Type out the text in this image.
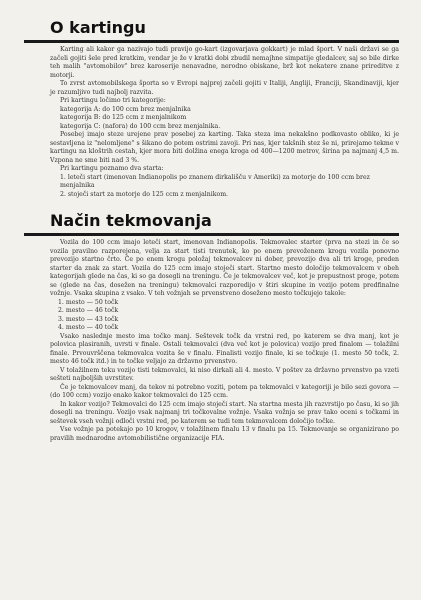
O kartingu

Karting ali kakor ga nazivajo tudi pravijo go-kart (izgovarjava gokkart) je mlad šport. V naši državi se ga začeli gojiti šele pred kratkim, vendar je že v kratki dobi zbudil nemajhne simpatije gledalcev, saj so bile dirke teh malih "avtomobilov" brez karoserije nenavadne, nerodno obiskane, brž kot nekatere znane prireditve z motorji.

To zvrst avtomobilskega športa so v Evropi najprej začeli gojiti v Italiji, Angliji, Franciji, Skandinaviji, kjer je razumljivo tudi najbolj razvita.

Pri kartingu ločimo tri kategorije:

kategorija A: do 100 ccm brez menjalnika
kategorija B: do 125 ccm z menjalnikom
kategorija C: (nafora) do 100 ccm brez menjalnika.

Posebej imajo steze urejene prav posebej za karting. Taka steza ima nekakšno podkovasto obliko, ki je sestavljena iz "nelomljene" s šikano do potem ostrimi zavoji. Pri nas, kjer takšnih stez še ni, prirejamo tekme v kartingu na kloštrih cestah, kjer mora biti dolžina enega kroga od 400—1200 metrov, širina pa najmanj 4,5 m. Vzpona ne sme biti nad 3 %.

Pri kartingu poznamo dva starta:

1. leteči start (imenovan Indianopolis po znanem dirkališču v Ameriki) za motorje do 100 ccm brez menjalnika
2. stoječi start za motorje do 125 ccm z menjalnikom.
Način tekmovanja

Vozila do 100 ccm imajo leteči start, imenovan Indianopolis. Tekmovalec starter (prva na stezi in če so vozila pravilno razporejena, velja za start tisti trenutek, ko po enem prevoženem krogu vozila ponovno prevozijo startno črto. Če po enem krogu položaj tekmovalcev ni dober, prevozijo dva ali tri kroge, preden starter da znak za start. Vozila do 125 ccm imajo stoječi start. Startno mesto določijo tekmovalcem v obeh kategorijah glede na čas, ki so ga dosegli na treningu. Če je tekmovalcev več, kot je prepustnost proge, potem se (glede na čas, dosežen na treningu) tekmovalci razporedijo v štiri skupine in vozijo potem predfinalne vožnje. Vsaka skupina z vsako. V teh vožnjah se prvenstveno doseženo mesto točkujejo takole:

1. mesto — 50 točk
2. mesto — 46 točk
3. mesto — 43 točk
4. mesto — 40 točk

Vsako naslednje mesto ima točko manj. Seštevek točk da vrstni red, po katerem se dva manj, kot je polovica plasiranih, uvrsti v finale. Ostali tekmovalci (dva več kot je polovica) vozijo pred finalom — tolažilni finale. Prvouvrščena tekmovalca vozita še v finalu. Finalisti vozijo finale, ki se točkuje (1. mesto 50 točk, 2. mesto 46 točk itd.) in te točke veljajo za državno prvenstvo.

V tolažilnem teku vozijo tisti tekmovalci, ki niso dirkali ali 4. mesto. V poštev za državno prvenstvo pa vzeti sešteti najboljših uvrstitev.

Če je tekmovalcev manj, da tekov ni potrebno voziti, potem pa tekmovalci v kategoriji je bilo sezi govora — (do 100 ccm) vozijo enako kakor tekmovalci do 125 ccm.

In kakor vozijo? Tekmovalci do 125 ccm imajo stoječi start. Na startna mesta jih razvrstijo po času, ki so jih dosegli na treningu. Vozijo vsak najmanj tri točkovalne vožnje. Vsaka vožnja se prav tako oceni s točkami in seštevek vseh vožnji odloči vrstni red, po katerem se tudi tem tekmovalcem določijo točke.

Vse vožnje pa potekajo po 10 krogov, v tolažilnem finalu 13 v finalu pa 15. Tekmovanje se organizirano po pravilih mednarodne avtomobilistične organizacije FIA.
